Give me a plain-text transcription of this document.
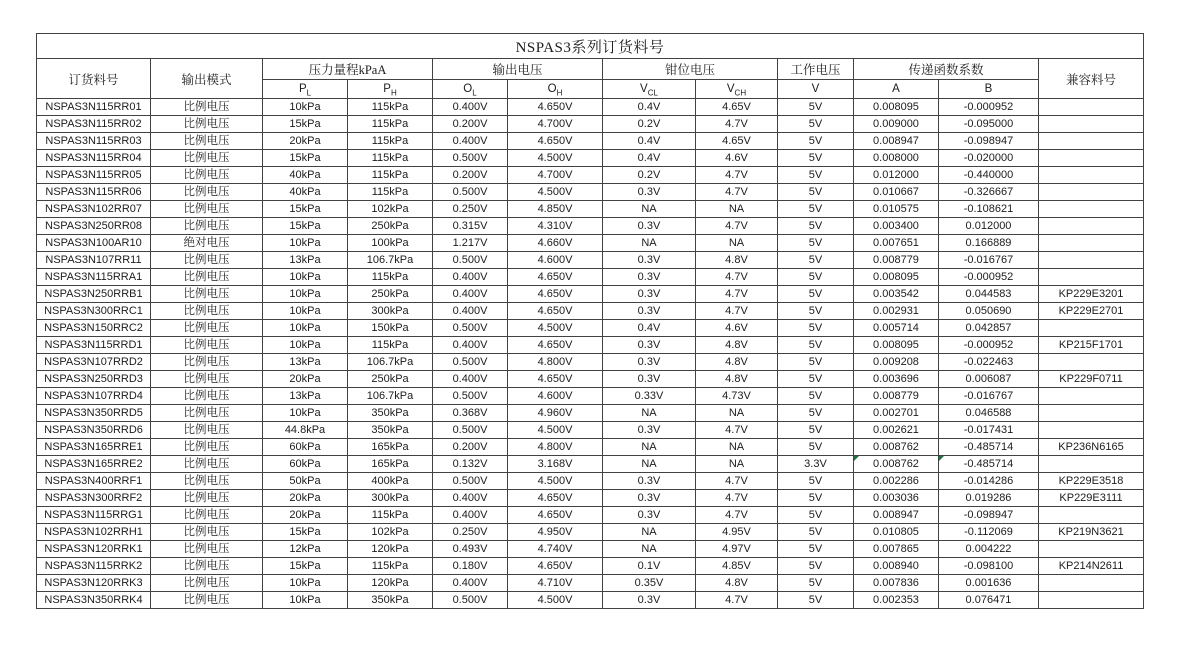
NSPAS3系列订货料号											
订货料号	输出模式	压力量程kPaA		输出电压		钳位电压		工作电压	传递函数系数		兼容料号
		$P_L$	$P_H$	$O_L$	$O_H$	$V_{CL}$	$V_{CH}$	V	A	B	
NSPAS3N115RR01	比例电压	10kPa	115kPa	0.400V	4.650V	0.4V	4.65V	5V	0.008095	-0.000952	
NSPAS3N115RR02	比例电压	15kPa	115kPa	0.200V	4.700V	0.2V	4.7V	5V	0.009000	-0.095000	
NSPAS3N115RR03	比例电压	20kPa	115kPa	0.400V	4.650V	0.4V	4.65V	5V	0.008947	-0.098947	
NSPAS3N115RR04	比例电压	15kPa	115kPa	0.500V	4.500V	0.4V	4.6V	5V	0.008000	-0.020000	
NSPAS3N115RR05	比例电压	40kPa	115kPa	0.200V	4.700V	0.2V	4.7V	5V	0.012000	-0.440000	
NSPAS3N115RR06	比例电压	40kPa	115kPa	0.500V	4.500V	0.3V	4.7V	5V	0.010667	-0.326667	
NSPAS3N102RR07	比例电压	15kPa	102kPa	0.250V	4.850V	NA	NA	5V	0.010575	-0.108621	
NSPAS3N250RR08	比例电压	15kPa	250kPa	0.315V	4.310V	0.3V	4.7V	5V	0.003400	0.012000	
NSPAS3N100AR10	绝对电压	10kPa	100kPa	1.217V	4.660V	NA	NA	5V	0.007651	0.166889	
NSPAS3N107RR11	比例电压	13kPa	106.7kPa	0.500V	4.600V	0.3V	4.8V	5V	0.008779	-0.016767	
NSPAS3N115RRA1	比例电压	10kPa	115kPa	0.400V	4.650V	0.3V	4.7V	5V	0.008095	-0.000952	
NSPAS3N250RRB1	比例电压	10kPa	250kPa	0.400V	4.650V	0.3V	4.7V	5V	0.003542	0.044583	KP229E3201
NSPAS3N300RRC1	比例电压	10kPa	300kPa	0.400V	4.650V	0.3V	4.7V	5V	0.002931	0.050690	KP229E2701
NSPAS3N150RRC2	比例电压	10kPa	150kPa	0.500V	4.500V	0.4V	4.6V	5V	0.005714	0.042857	
NSPAS3N115RRD1	比例电压	10kPa	115kPa	0.400V	4.650V	0.3V	4.8V	5V	0.008095	-0.000952	KP215F1701
NSPAS3N107RRD2	比例电压	13kPa	106.7kPa	0.500V	4.800V	0.3V	4.8V	5V	0.009208	-0.022463	
NSPAS3N250RRD3	比例电压	20kPa	250kPa	0.400V	4.650V	0.3V	4.8V	5V	0.003696	0.006087	KP229F0711
NSPAS3N107RRD4	比例电压	13kPa	106.7kPa	0.500V	4.600V	0.33V	4.73V	5V	0.008779	-0.016767	
NSPAS3N350RRD5	比例电压	10kPa	350kPa	0.368V	4.960V	NA	NA	5V	0.002701	0.046588	
NSPAS3N350RRD6	比例电压	44.8kPa	350kPa	0.500V	4.500V	0.3V	4.7V	5V	0.002621	-0.017431	
NSPAS3N165RRE1	比例电压	60kPa	165kPa	0.200V	4.800V	NA	NA	5V	0.008762	-0.485714	KP236N6165
NSPAS3N165RRE2	比例电压	60kPa	165kPa	0.132V	3.168V	NA	NA	3.3V	0.008762	-0.485714

NSPAS3N400RRF1	比例电压	50kPa	400kPa	0.500V	4.500V	0.3V	4.7V	5V	0.002286	-0.014286	KP229E3518
NSPAS3N300RRF2	比例电压	20kPa	300kPa	0.400V	4.650V	0.3V	4.7V	5V	0.003036	0.019286	KP229E3111
NSPAS3N115RRG1	比例电压	20kPa	115kPa	0.400V	4.650V	0.3V	4.7V	5V	0.008947	-0.098947	
NSPAS3N102RRH1	比例电压	15kPa	102kPa	0.250V	4.950V	NA	4.95V	5V	0.010805	-0.112069	KP219N3621
NSPAS3N120RRK1	比例电压	12kPa	120kPa	0.493V	4.740V	NA	4.97V	5V	0.007865	0.004222	
NSPAS3N115RRK2	比例电压	15kPa	115kPa	0.180V	4.650V	0.1V	4.85V	5V	0.008940	-0.098100	KP214N2611
NSPAS3N120RRK3	比例电压	10kPa	120kPa	0.400V	4.710V	0.35V	4.8V	5V	0.007836	0.001636	
NSPAS3N350RRK4	比例电压	10kPa	350kPa	0.500V	4.500V	0.3V	4.7V	5V	0.002353	0.076471	
